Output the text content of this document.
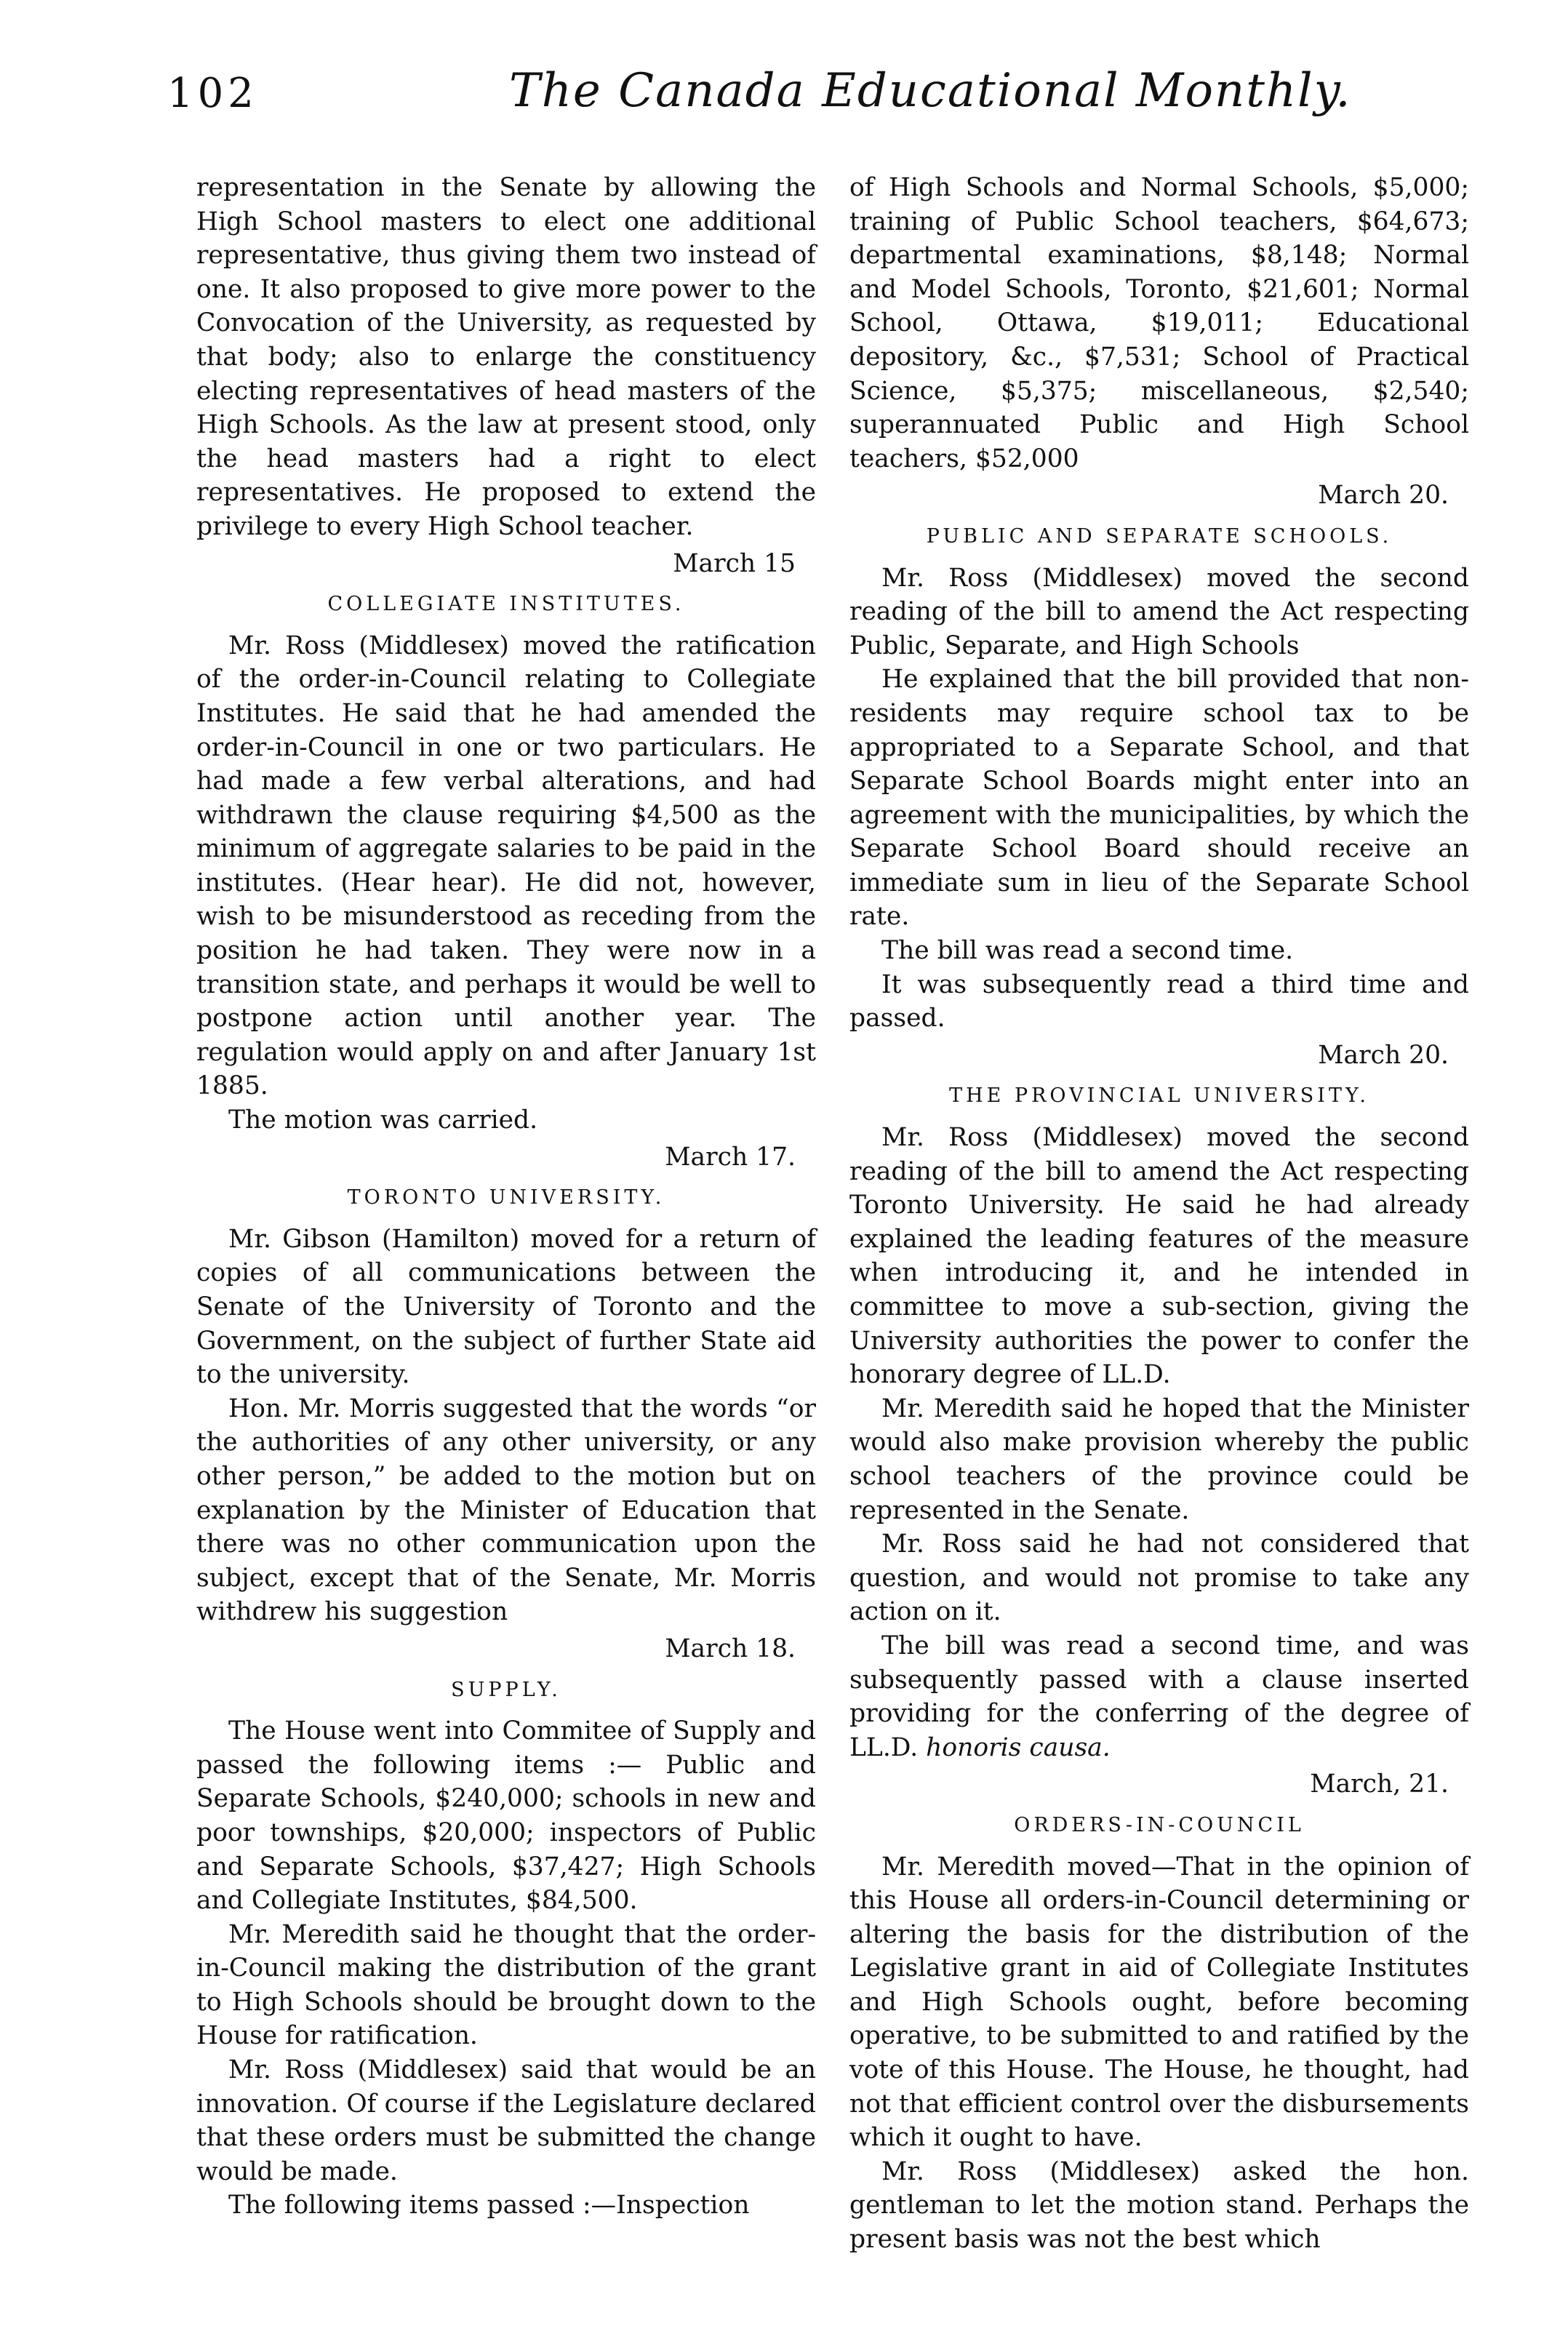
102	The Canada Educational Monthly.

representation in the Senate by allowing the High School masters to elect one additional representative, thus giving them two instead of one. It also proposed to give more power to the Convocation of the University, as requested by that body; also to enlarge the constituency electing representatives of head masters of the High Schools. As the law at present stood, only the head masters had a right to elect representatives. He proposed to extend the privilege to every High School teacher.

March 15
COLLEGIATE INSTITUTES.

Mr. Ross (Middlesex) moved the ratification of the order-in-Council relating to Collegiate Institutes. He said that he had amended the order-in-Council in one or two particulars. He had made a few verbal alterations, and had withdrawn the clause requiring $4,500 as the minimum of aggregate salaries to be paid in the institutes. (Hear hear). He did not, however, wish to be misunderstood as receding from the position he had taken. They were now in a transition state, and perhaps it would be well to postpone action until another year. The regulation would apply on and after January 1st 1885.

The motion was carried.

March 17.
TORONTO UNIVERSITY.

Mr. Gibson (Hamilton) moved for a return of copies of all communications between the Senate of the University of Toronto and the Government, on the subject of further State aid to the university.

Hon. Mr. Morris suggested that the words “or the authorities of any other university, or any other person,” be added to the motion but on explanation by the Minister of Education that there was no other communication upon the subject, except that of the Senate, Mr. Morris withdrew his suggestion

March 18.
SUPPLY.

The House went into Commitee of Supply and passed the following items :— Public and Separate Schools, $240,000; schools in new and poor townships, $20,000; inspectors of Public and Separate Schools, $37,427; High Schools and Collegiate Institutes, $84,500.

Mr. Meredith said he thought that the order-in-Council making the distribution of the grant to High Schools should be brought down to the House for ratification.

Mr. Ross (Middlesex) said that would be an innovation. Of course if the Legislature declared that these orders must be submitted the change would be made.

The following items passed :—Inspection

of High Schools and Normal Schools, $5,000; training of Public School teachers, $64,673; departmental examinations, $8,148; Normal and Model Schools, Toronto, $21,601; Normal School, Ottawa, $19,011; Educational depository, &c., $7,531; School of Practical Science, $5,375; miscellaneous, $2,540; superannuated Public and High School teachers, $52,000

March 20.
PUBLIC AND SEPARATE SCHOOLS.

Mr. Ross (Middlesex) moved the second reading of the bill to amend the Act respecting Public, Separate, and High Schools

He explained that the bill provided that non-residents may require school tax to be appropriated to a Separate School, and that Separate School Boards might enter into an agreement with the municipalities, by which the Separate School Board should receive an immediate sum in lieu of the Separate School rate.

The bill was read a second time.

It was subsequently read a third time and passed.

March 20.
THE PROVINCIAL UNIVERSITY.

Mr. Ross (Middlesex) moved the second reading of the bill to amend the Act respecting Toronto University. He said he had already explained the leading features of the measure when introducing it, and he intended in committee to move a sub-section, giving the University authorities the power to confer the honorary degree of LL.D.

Mr. Meredith said he hoped that the Minister would also make provision whereby the public school teachers of the province could be represented in the Senate.

Mr. Ross said he had not considered that question, and would not promise to take any action on it.

The bill was read a second time, and was subsequently passed with a clause inserted providing for the conferring of the degree of LL.D. honoris causa.

March, 21.
ORDERS-IN-COUNCIL

Mr. Meredith moved—That in the opinion of this House all orders-in-Council determining or altering the basis for the distribution of the Legislative grant in aid of Collegiate Institutes and High Schools ought, before becoming operative, to be submitted to and ratified by the vote of this House. The House, he thought, had not that efficient control over the disbursements which it ought to have.

Mr. Ross (Middlesex) asked the hon. gentleman to let the motion stand. Perhaps the present basis was not the best which
